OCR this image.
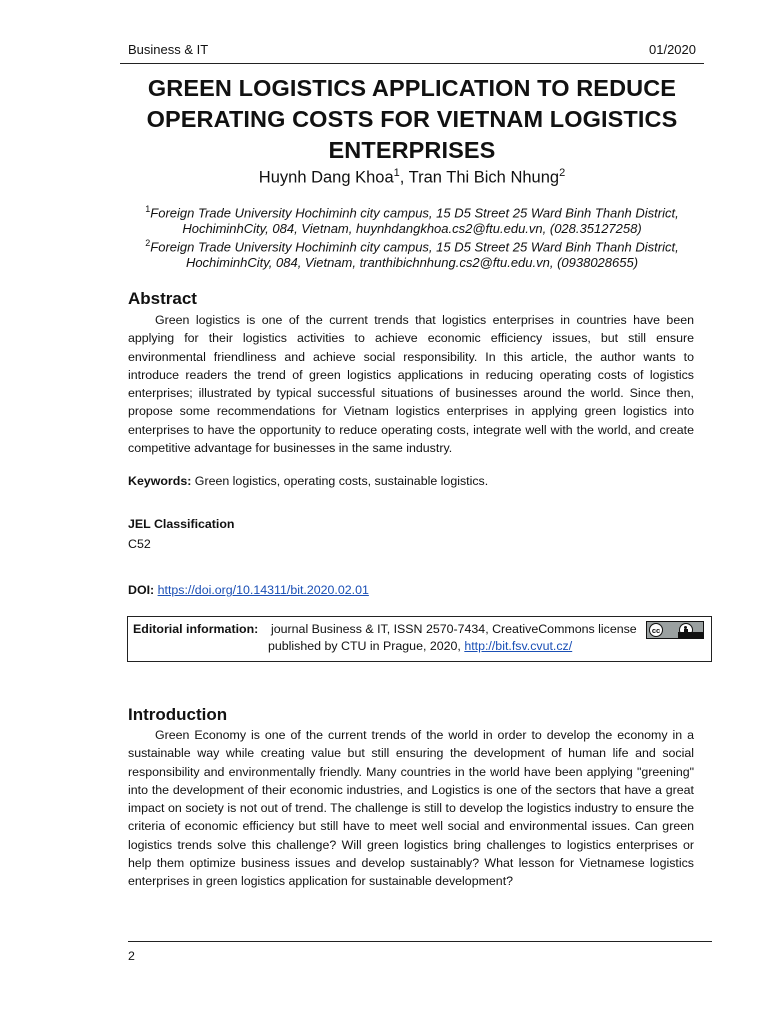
Business & IT	01/2020
GREEN LOGISTICS APPLICATION TO REDUCE OPERATING COSTS FOR VIETNAM LOGISTICS ENTERPRISES
Huynh Dang Khoa$^1$, Tran Thi Bich Nhung$^2$
$^1$Foreign Trade University Hochiminh city campus, 15 D5 Street 25 Ward Binh Thanh District, HochiminhCity, 084, Vietnam, huynhdangkhoa.cs2@ftu.edu.vn, (028.35127258)
$^2$Foreign Trade University Hochiminh city campus, 15 D5 Street 25 Ward Binh Thanh District, HochiminhCity, 084, Vietnam, tranthibichnhung.cs2@ftu.edu.vn, (0938028655)
Abstract
Green logistics is one of the current trends that logistics enterprises in countries have been applying for their logistics activities to achieve economic efficiency issues, but still ensure environmental friendliness and achieve social responsibility. In this article, the author wants to introduce readers the trend of green logistics applications in reducing operating costs of logistics enterprises; illustrated by typical successful situations of businesses around the world. Since then, propose some recommendations for Vietnam logistics enterprises in applying green logistics into enterprises to have the opportunity to reduce operating costs, integrate well with the world, and create competitive advantage for businesses in the same industry.
Keywords: Green logistics, operating costs, sustainable logistics.
JEL Classification
C52
DOI: https://doi.org/10.14311/bit.2020.02.01
Editorial information: journal Business & IT, ISSN 2570-7434, CreativeCommons license
published by CTU in Prague, 2020, http://bit.fsv.cvut.cz/
cc
Introduction
Green Economy is one of the current trends of the world in order to develop the economy in a sustainable way while creating value but still ensuring the development of human life and social responsibility and environmentally friendly. Many countries in the world have been applying "greening" into the development of their economic industries, and Logistics is one of the sectors that have a great impact on society is not out of trend. The challenge is still to develop the logistics industry to ensure the criteria of economic efficiency but still have to meet well social and environmental issues. Can green logistics trends solve this challenge? Will green logistics bring challenges to logistics enterprises or help them optimize business issues and develop sustainably? What lesson for Vietnamese logistics enterprises in green logistics application for sustainable development?
2
